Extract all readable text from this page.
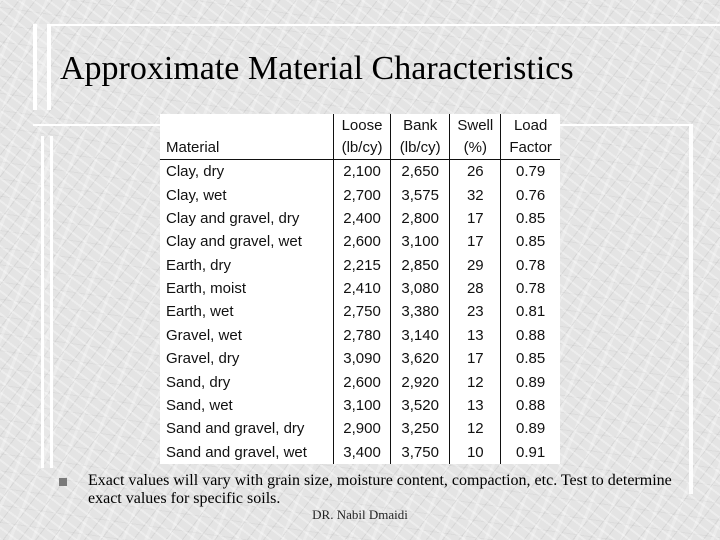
Approximate Material Characteristics
	Loose	Bank	Swell	Load
Material	(lb/cy)	(lb/cy)	(%)	Factor
Clay, dry	2,100	2,650	26	0.79
Clay, wet	2,700	3,575	32	0.76
Clay and gravel, dry	2,400	2,800	17	0.85
Clay and gravel, wet	2,600	3,100	17	0.85
Earth, dry	2,215	2,850	29	0.78
Earth, moist	2,410	3,080	28	0.78
Earth, wet	2,750	3,380	23	0.81
Gravel, wet	2,780	3,140	13	0.88
Gravel, dry	3,090	3,620	17	0.85
Sand, dry	2,600	2,920	12	0.89
Sand, wet	3,100	3,520	13	0.88
Sand and gravel, dry	2,900	3,250	12	0.89
Sand and gravel, wet	3,400	3,750	10	0.91

Exact values will vary with grain size, moisture content, compaction, etc. Test to determine exact values for specific soils.

DR. Nabil Dmaidi
